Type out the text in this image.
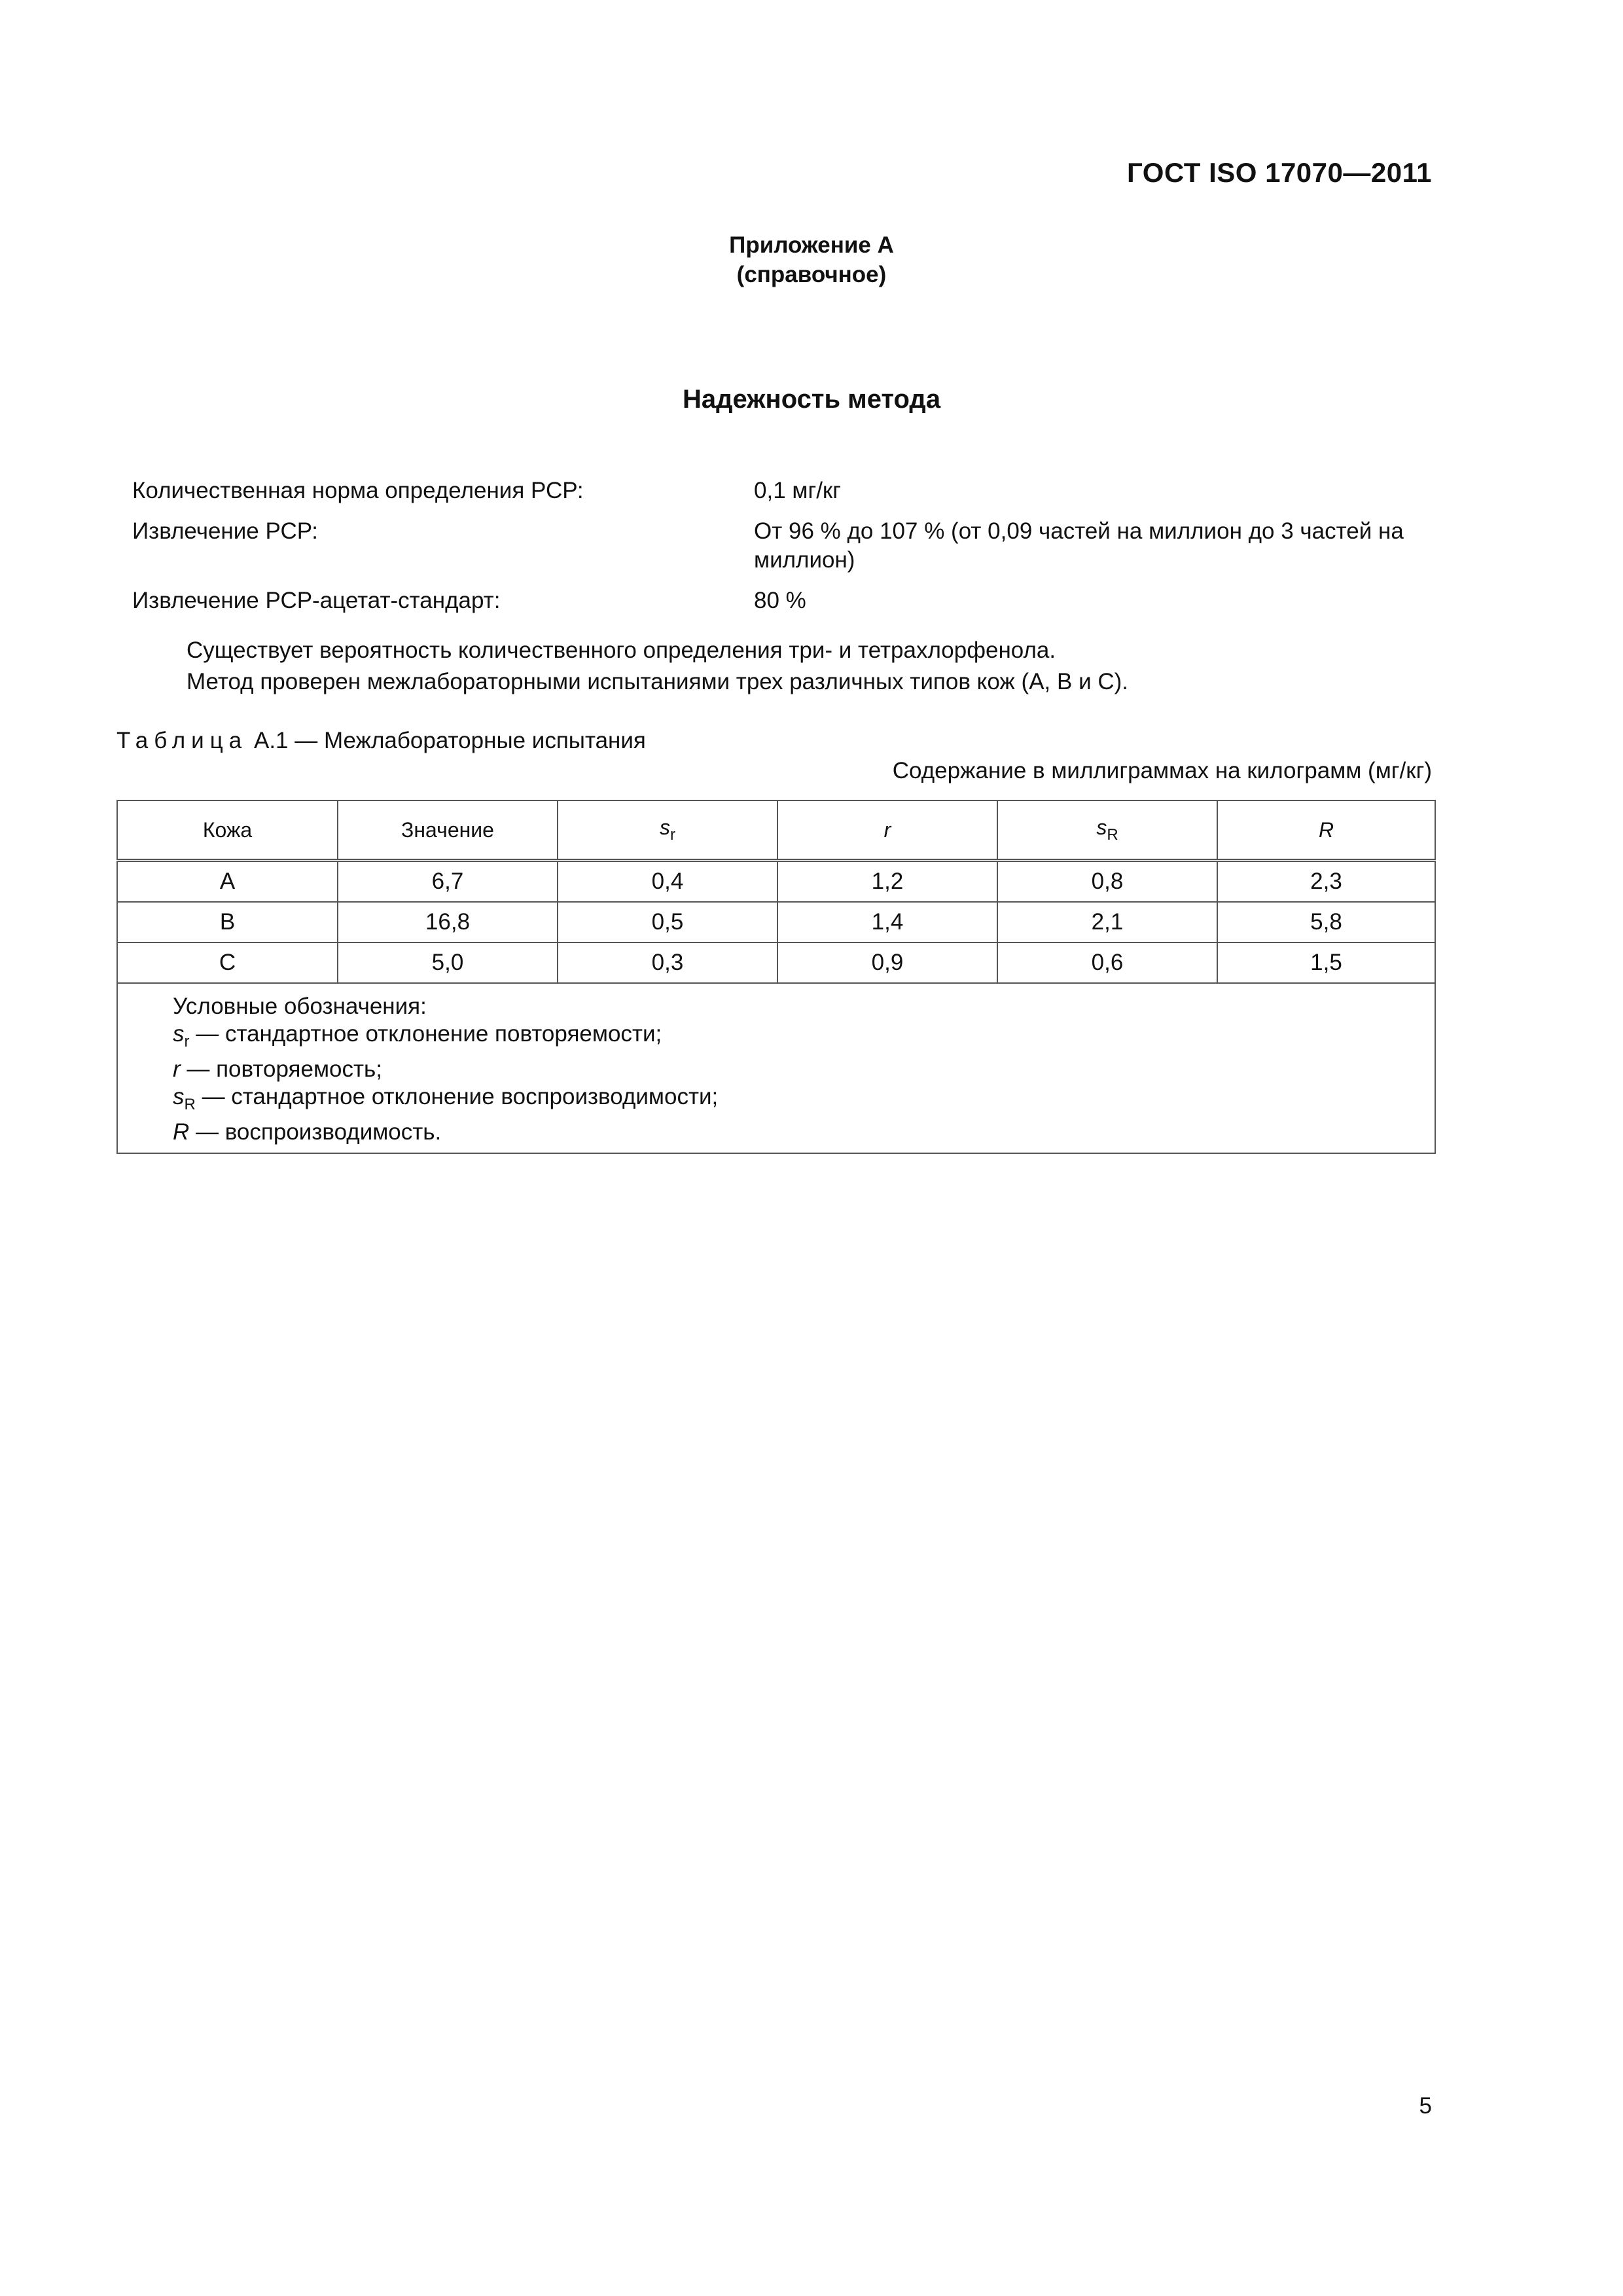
ГОСТ ISO 17070—2011
Приложение А
(справочное)
Надежность метода
Количественная норма определения РСР:	0,1 мг/кг
Извлечение РСР:	От 96 % до 107 % (от 0,09 частей на миллион до 3 частей на миллион)
Извлечение РСР-ацетат-стандарт:	80 %
Существует вероятность количественного определения три- и тетрахлорфенола.
Метод проверен межлабораторными испытаниями трех различных типов кож (А, В и С).
Таблица А.1 — Межлабораторные испытания
Содержание в миллиграммах на килограмм (мг/кг)
Кожа	Значение	$s_r$	r	$s_R$	R
A	6,7	0,4	1,2	0,8	2,3
B	16,8	0,5	1,4	2,1	5,8
C	5,0	0,3	0,9	0,6	1,5

Условные обозначения:
$s_r$ — стандартное отклонение повторяемости;
r — повторяемость;
$s_R$ — стандартное отклонение воспроизводимости;
R — воспроизводимость.					
5
